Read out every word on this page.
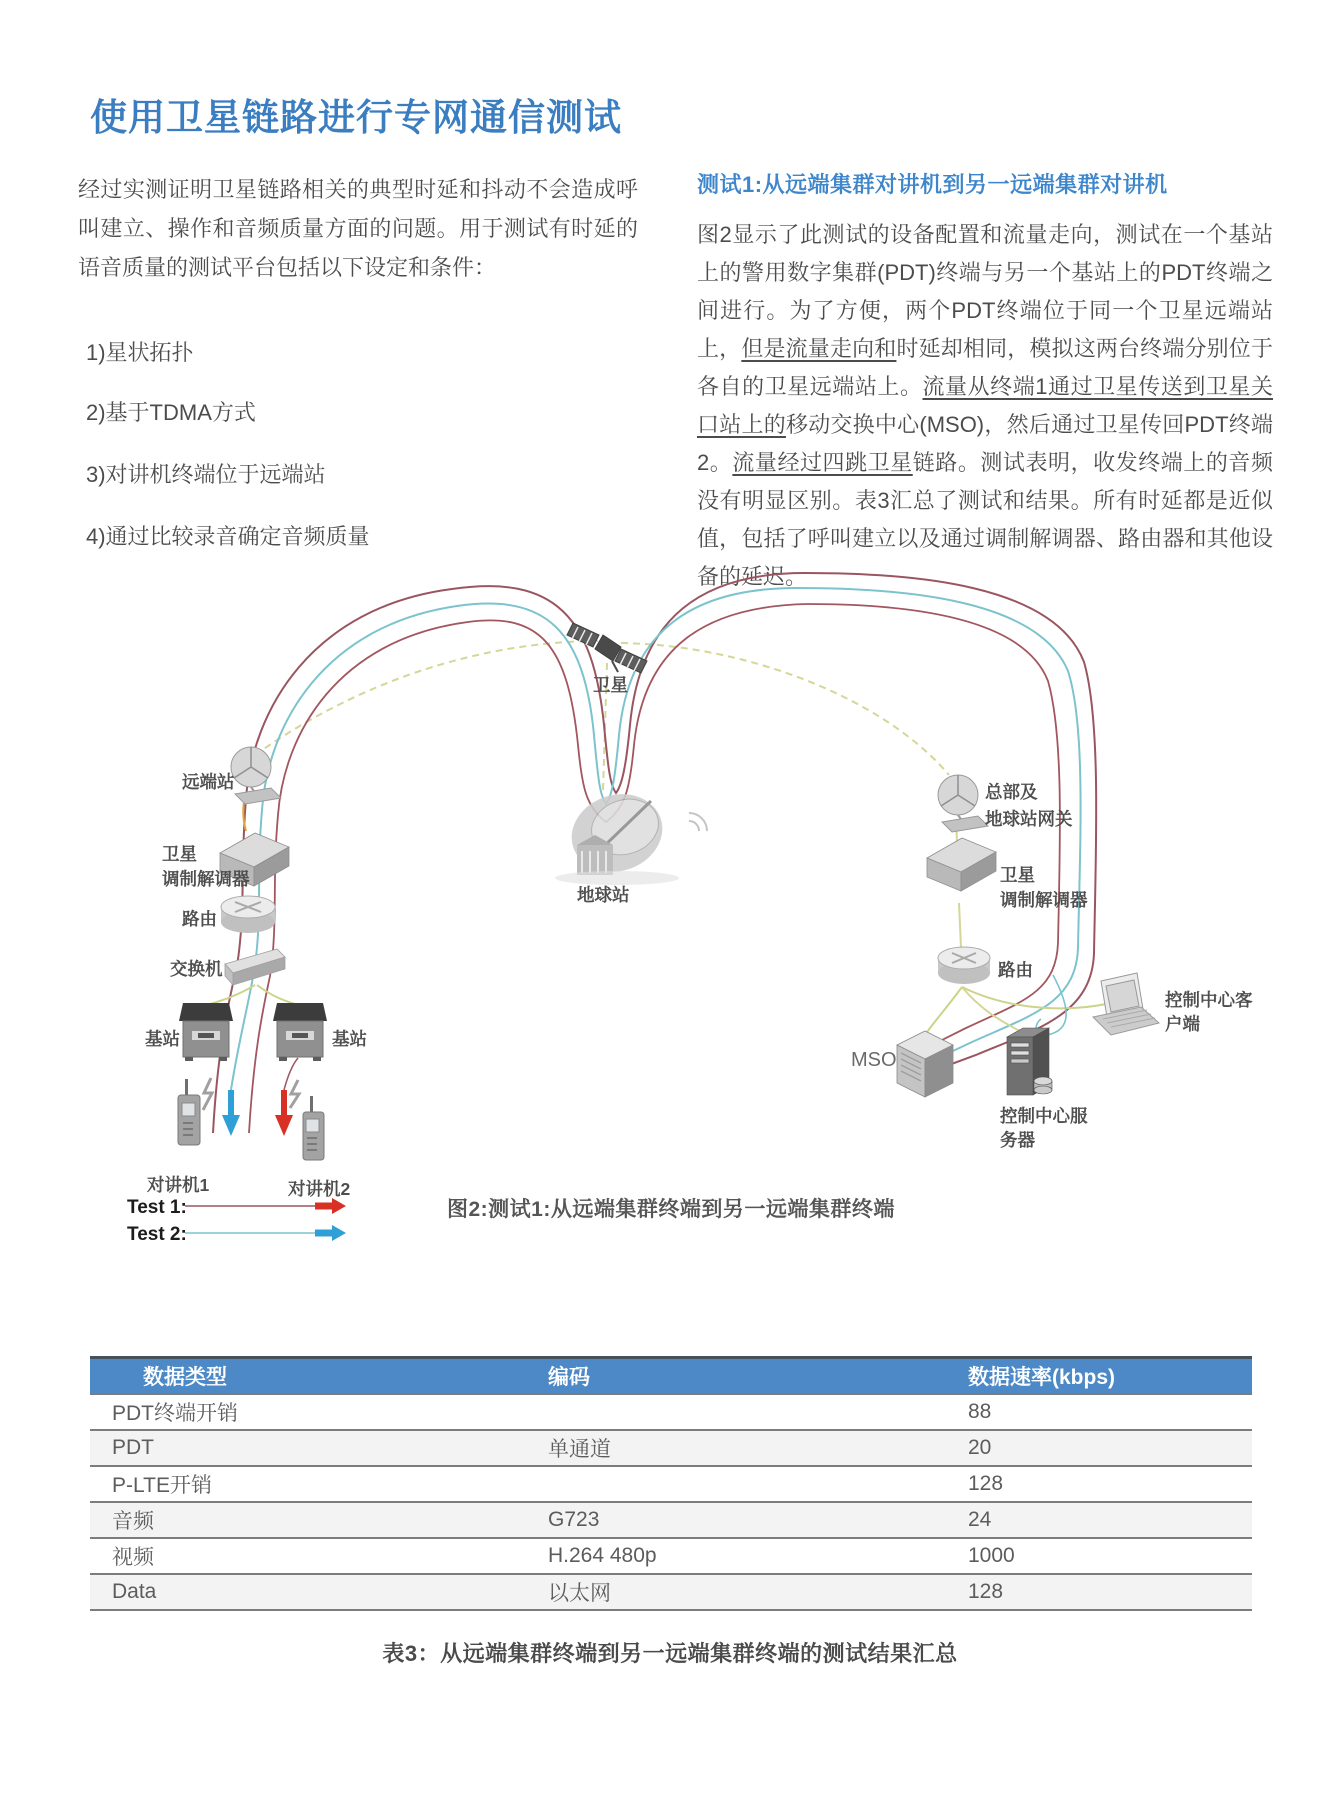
使用卫星链路进行专网通信测试

经过实测证明卫星链路相关的典型时延和抖动不会造成呼叫建立、操作和音频质量方面的问题。用于测试有时延的语音质量的测试平台包括以下设定和条件：

1)星状拓扑
2)基于TDMA方式
3)对讲机终端位于远端站
4)通过比较录音确定音频质量
测试1:从远端集群对讲机到另一远端集群对讲机

图2显示了此测试的设备配置和流量走向，测试在一个基站上的警用数字集群(PDT)终端与另一个基站上的PDT终端之间进行。为了方便，两个PDT终端位于同一个卫星远端站上，但是流量走向和时延却相同，模拟这两台终端分别位于各自的卫星远端站上。流量从终端1通过卫星传送到卫星关口站上的移动交换中心(MSO)，然后通过卫星传回PDT终端2。流量经过四跳卫星链路。测试表明，收发终端上的音频没有明显区别。表3汇总了测试和结果。所有时延都是近似值，包括了呼叫建立以及通过调制解调器、路由器和其他设备的延迟。

卫星
地球站
远端站
卫星
调制解调器
路由
交换机
基站	基站
对讲机1	对讲机2
Test 1:
Test 2:
总部及
地球站网关
卫星
调制解调器
路由
控制中心客
户端
MSO
控制中心服
务器
图2:测试1:从远端集群终端到另一远端集群终端
数据类型	编码	数据速率(kbps)
PDT终端开销		88
PDT	单通道	20
P-LTE开销		128
音频	G723	24
视频	H.264 480p	1000
Data	以太网	128
表3：从远端集群终端到另一远端集群终端的测试结果汇总
